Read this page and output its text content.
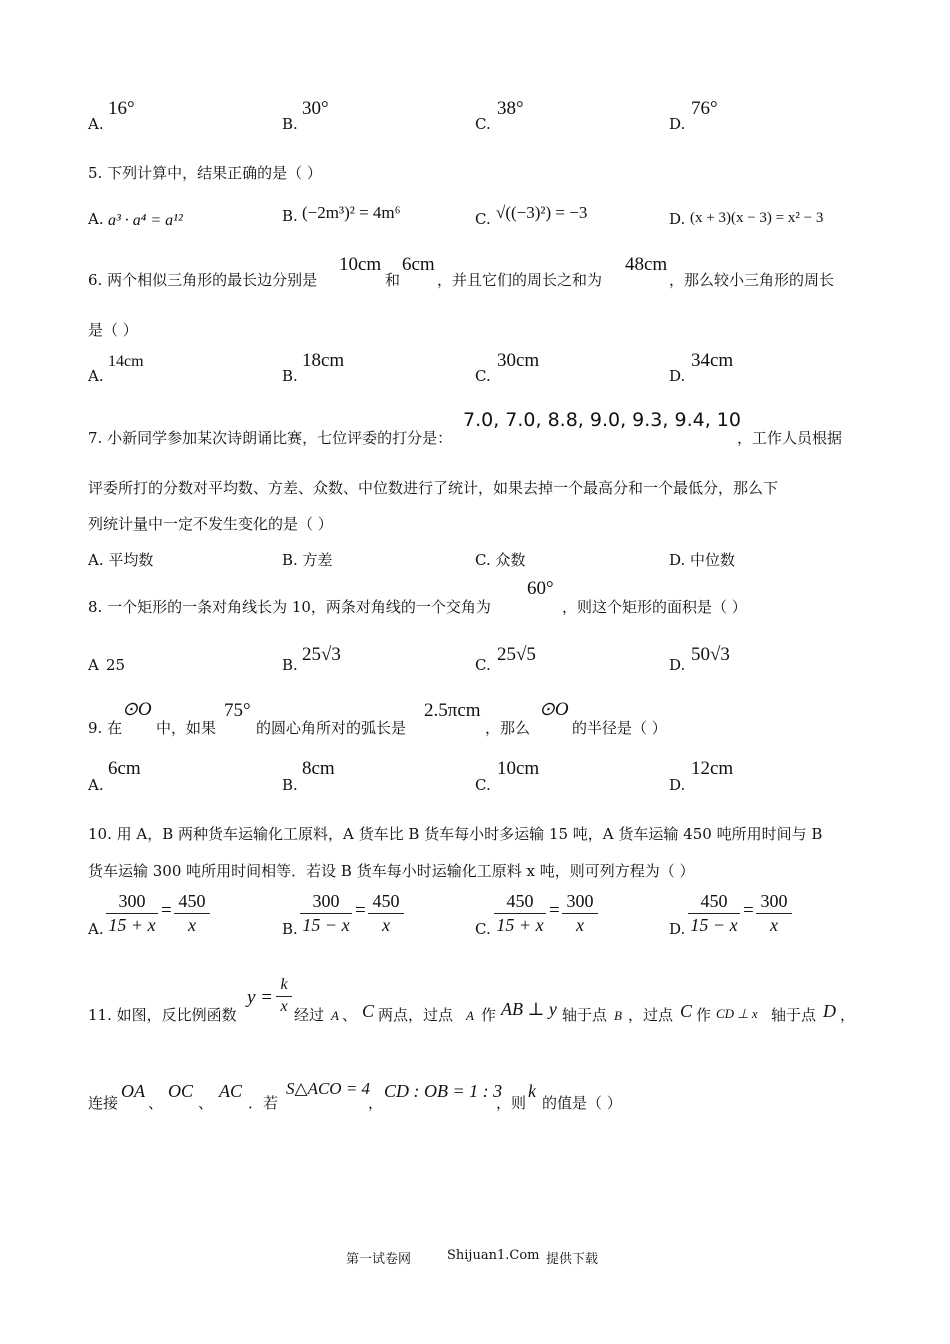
A.
16°
B.
30°
C.
38°
D.
76°
5. 下列计算中，结果正确的是（ ）
A. a³ · a⁴ = a¹²	B. (−2m³)² = 4m⁶	C. √((−3)²) = −3	D. (x + 3)(x − 3) = x² − 3
6. 两个相似三角形的最长边分别是
10cm
和
6cm
，并且它们的周长之和为
48cm
，那么较小三角形的周长
是（ ）
A.
14cm
B.
18cm
C.
30cm
D.
34cm
7. 小新同学参加某次诗朗诵比赛，七位评委的打分是：
7.0, 7.0, 8.8, 9.0, 9.3, 9.4, 10
，工作人员根据
评委所打的分数对平均数、方差、众数、中位数进行了统计，如果去掉一个最高分和一个最低分，那么下
列统计量中一定不发生变化的是（ ）
A. 平均数	B. 方差	C. 众数	D. 中位数
8. 一个矩形的一条对角线长为 10，两条对角线的一个交角为
60°
，则这个矩形的面积是（ ）
A 25	B. 25√3	C. 25√5	D. 50√3
9. 在
⊙O
中，如果
75°
的圆心角所对的弧长是
2.5πcm
，那么
⊙O
的半径是（ ）
A.
6cm
B.
8cm
C.
10cm
D.
12cm
10. 用 A，B 两种货车运输化工原料，A 货车比 B 货车每小时多运输 15 吨，A 货车运输 450 吨所用时间与 B
货车运输 300 吨所用时间相等．若设 B 货车每小时运输化工原料 x 吨，则可列方程为（ ）
A. $\frac{300}{15 + x} = \frac{450}{x}$	B. $\frac{300}{15 - x} = \frac{450}{x}$	C. $\frac{450}{15 + x} = \frac{300}{x}$	D. $\frac{450}{15 - x} = \frac{300}{x}$
11. 如图，反比例函数
$y = \frac{k}{x}$ 经过 A 、 C 两点，过点 A 作 AB ⊥ y 轴于点 B ，过点 C 作 CD ⊥ x 轴于点 D ，
连接
OA
、
OC
、
AC
．若
S△ACO = 4
，
CD : OB = 1 : 3
，则
k
的值是（ ）
第一试卷网	Shijuan1.Com 提供下载
